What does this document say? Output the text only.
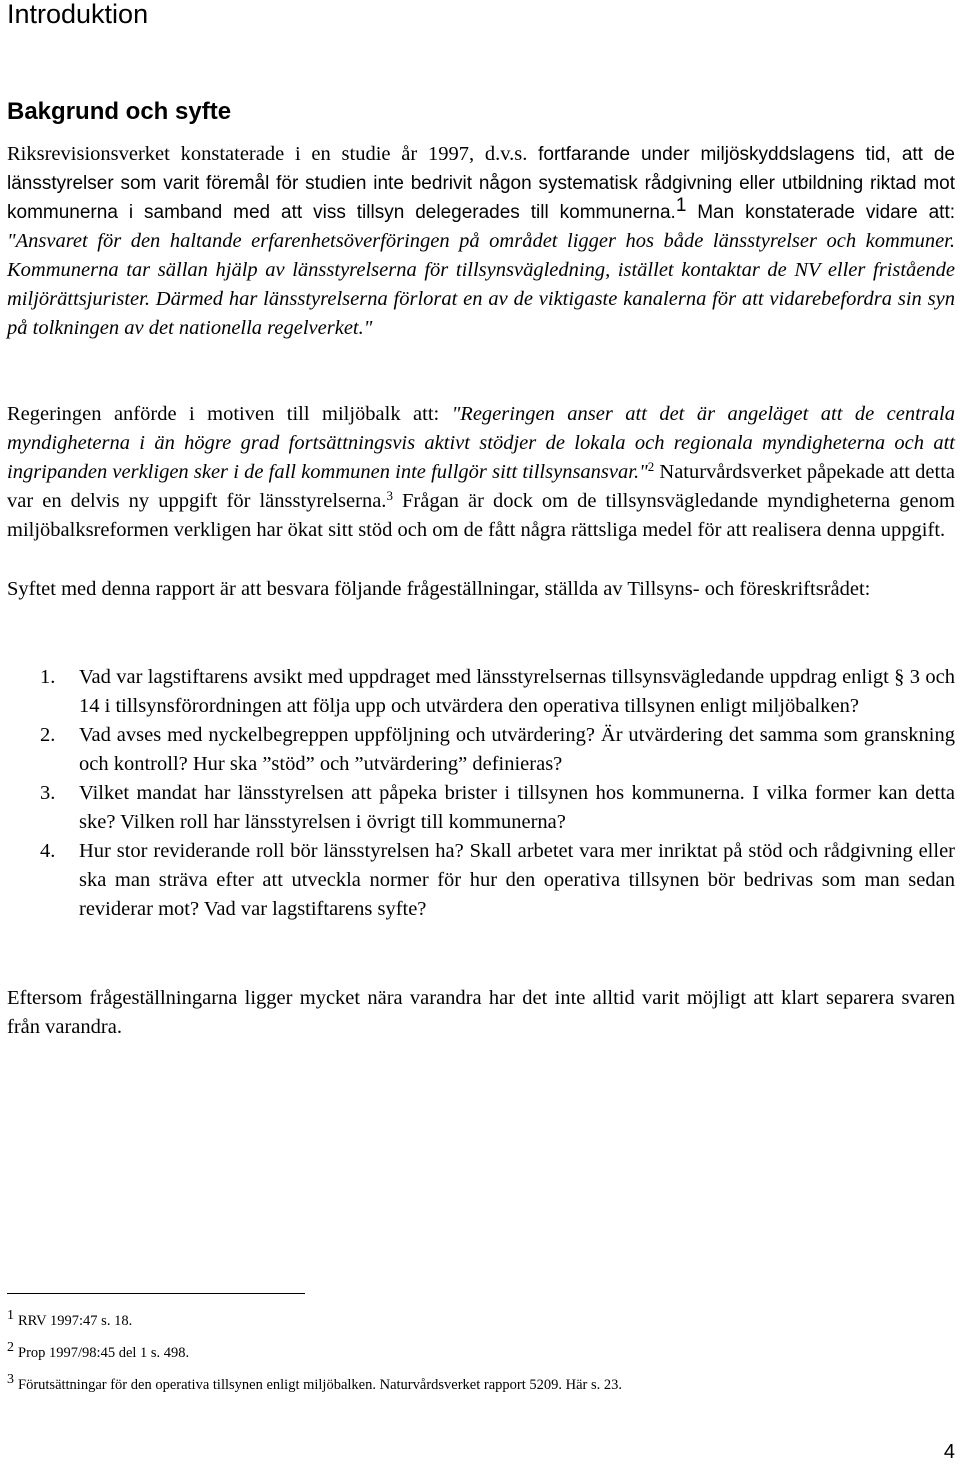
Introduktion
Bakgrund och syfte

Riksrevisionsverket konstaterade i en studie år 1997, d.v.s. fortfarande under miljöskyddslagens tid, att de länsstyrelser som varit föremål för studien inte bedrivit någon systematisk rådgivning eller utbildning riktad mot kommunerna i samband med att viss tillsyn delegerades till kommunerna.$^1$ Man konstaterade vidare att: "Ansvaret för den haltande erfarenhetsöverföringen på området ligger hos både länsstyrelser och kommuner. Kommunerna tar sällan hjälp av länsstyrelserna för tillsynsvägledning, istället kontaktar de NV eller fristående miljörättsjurister. Därmed har länsstyrelserna förlorat en av de viktigaste kanalerna för att vidarebefordra sin syn på tolkningen av det nationella regelverket."

Regeringen anförde i motiven till miljöbalk att: "Regeringen anser att det är angeläget att de centrala myndigheterna i än högre grad fortsättningsvis aktivt stödjer de lokala och regionala myndigheterna och att ingripanden verkligen sker i de fall kommunen inte fullgör sitt tillsynsansvar."$^2$ Naturvårdsverket påpekade att detta var en delvis ny uppgift för länsstyrelserna.$^3$ Frågan är dock om de tillsynsvägledande myndigheterna genom miljöbalksreformen verkligen har ökat sitt stöd och om de fått några rättsliga medel för att realisera denna uppgift.

Syftet med denna rapport är att besvara följande frågeställningar, ställda av Tillsyns- och föreskriftsrådet:

1. Vad var lagstiftarens avsikt med uppdraget med länsstyrelsernas tillsynsvägledande uppdrag enligt § 3 och 14 i tillsynsförordningen att följa upp och utvärdera den operativa tillsynen enligt miljöbalken?
2. Vad avses med nyckelbegreppen uppföljning och utvärdering? Är utvärdering det samma som granskning och kontroll? Hur ska ”stöd” och ”utvärdering” definieras?
3. Vilket mandat har länsstyrelsen att påpeka brister i tillsynen hos kommunerna. I vilka former kan detta ske? Vilken roll har länsstyrelsen i övrigt till kommunerna?
4. Hur stor reviderande roll bör länsstyrelsen ha? Skall arbetet vara mer inriktat på stöd och rådgivning eller ska man sträva efter att utveckla normer för hur den operativa tillsynen bör bedrivas som man sedan reviderar mot? Vad var lagstiftarens syfte?

Eftersom frågeställningarna ligger mycket nära varandra har det inte alltid varit möjligt att klart separera svaren från varandra.

$^1$ RRV 1997:47 s. 18.

$^2$ Prop 1997/98:45 del 1 s. 498.

$^3$ Förutsättningar för den operativa tillsynen enligt miljöbalken. Naturvårdsverket rapport 5209. Här s. 23.

4
